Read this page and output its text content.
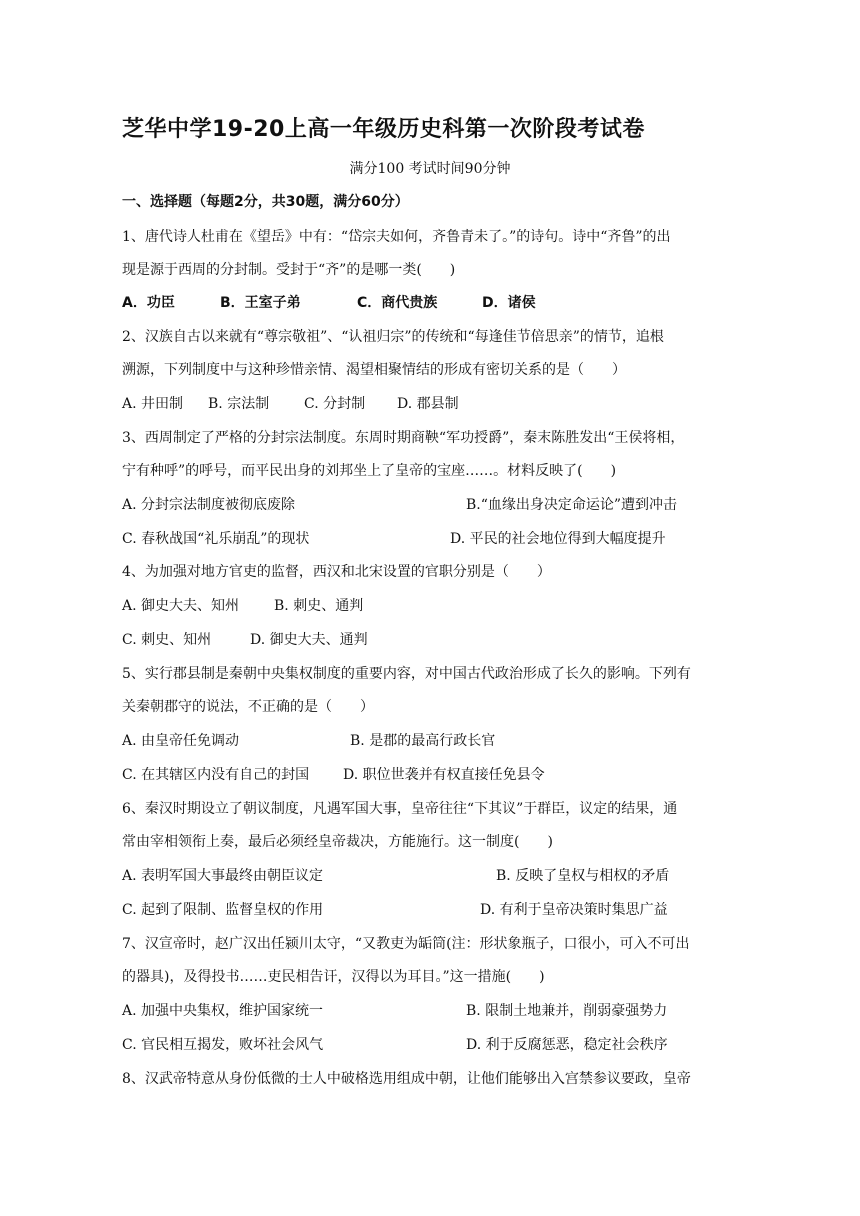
芝华中学19-20上高一年级历史科第一次阶段考试卷
满分100 考试时间90分钟
一、选择题（每题2分，共30题，满分60分）
1、唐代诗人杜甫在《望岳》中有：“岱宗夫如何，齐鲁青未了。”的诗句。诗中“齐鲁”的出
现是源于西周的分封制。受封于“齐”的是哪一类(　　)
A．功臣	B．王室子弟	C．商代贵族	D．诸侯
2、汉族自古以来就有“尊宗敬祖”、“认祖归宗”的传统和“每逢佳节倍思亲”的情节，追根
溯源，下列制度中与这种珍惜亲情、渴望相聚情结的形成有密切关系的是（　　）
A. 井田制 B. 宗法制 C. 分封制 D. 郡县制
3、西周制定了严格的分封宗法制度。东周时期商鞅“军功授爵”，秦末陈胜发出“王侯将相，
宁有种呼”的呼号，而平民出身的刘邦坐上了皇帝的宝座……。材料反映了(　　)
A. 分封宗法制度被彻底废除	B.“血缘出身决定命运论”遭到冲击
C. 春秋战国“礼乐崩乱”的现状	D. 平民的社会地位得到大幅度提升
4、为加强对地方官吏的监督，西汉和北宋设置的官职分别是（　　）
A. 御史大夫、知州 B. 刺史、通判
C. 刺史、知州	D. 御史大夫、通判
5、实行郡县制是秦朝中央集权制度的重要内容，对中国古代政治形成了长久的影响。下列有
关秦朝郡守的说法，不正确的是（　　）
A. 由皇帝任免调动	B. 是郡的最高行政长官
C. 在其辖区内没有自己的封国 D. 职位世袭并有权直接任免县令
6、秦汉时期设立了朝议制度，凡遇军国大事，皇帝往往“下其议”于群臣，议定的结果，通
常由宰相领衔上奏，最后必须经皇帝裁决，方能施行。这一制度(　　)
A. 表明军国大事最终由朝臣议定	B. 反映了皇权与相权的矛盾
C. 起到了限制、监督皇权的作用	D. 有利于皇帝决策时集思广益
7、汉宣帝时，赵广汉出任颍川太守，“又教吏为缿筒(注：形状象瓶子，口很小，可入不可出
的器具)，及得投书……吏民相告讦，汉得以为耳目。”这一措施(　　)
A. 加强中央集权，维护国家统一	B. 限制土地兼并，削弱豪强势力
C. 官民相互揭发，败坏社会风气	D. 利于反腐惩恶，稳定社会秩序
8、汉武帝特意从身份低微的士人中破格选用组成中朝，让他们能够出入宫禁参议要政，皇帝
